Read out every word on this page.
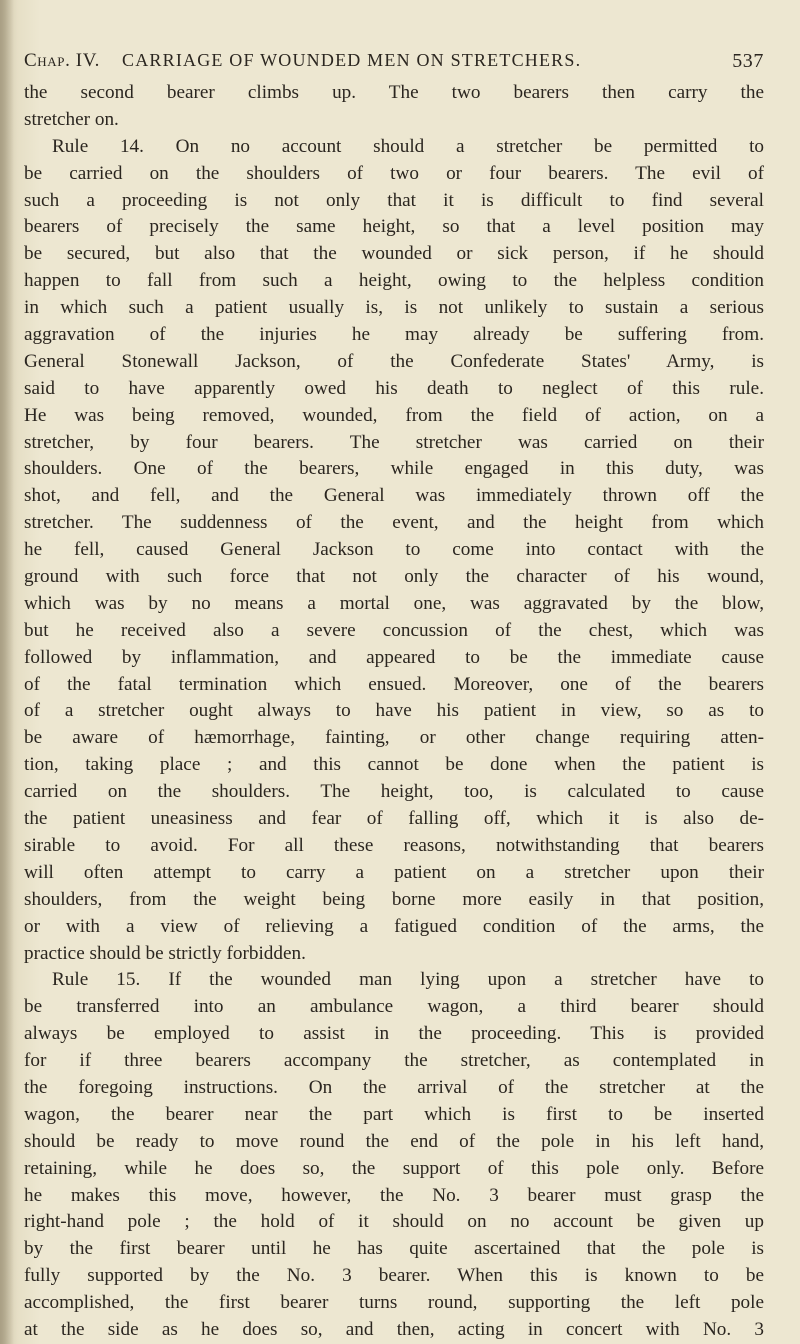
Chap. IV. CARRIAGE OF WOUNDED MEN ON STRETCHERS.	537
the second bearer climbs up. The two bearers then carry the
stretcher on.
Rule 14. On no account should a stretcher be permitted to
be carried on the shoulders of two or four bearers. The evil of
such a proceeding is not only that it is difficult to find several
bearers of precisely the same height, so that a level position may
be secured, but also that the wounded or sick person, if he should
happen to fall from such a height, owing to the helpless condition
in which such a patient usually is, is not unlikely to sustain a serious
aggravation of the injuries he may already be suffering from.
General Stonewall Jackson, of the Confederate States' Army, is
said to have apparently owed his death to neglect of this rule.
He was being removed, wounded, from the field of action, on a
stretcher, by four bearers. The stretcher was carried on their
shoulders. One of the bearers, while engaged in this duty, was
shot, and fell, and the General was immediately thrown off the
stretcher. The suddenness of the event, and the height from which
he fell, caused General Jackson to come into contact with the
ground with such force that not only the character of his wound,
which was by no means a mortal one, was aggravated by the blow,
but he received also a severe concussion of the chest, which was
followed by inflammation, and appeared to be the immediate cause
of the fatal termination which ensued. Moreover, one of the bearers
of a stretcher ought always to have his patient in view, so as to
be aware of hæmorrhage, fainting, or other change requiring atten-
tion, taking place ; and this cannot be done when the patient is
carried on the shoulders. The height, too, is calculated to cause
the patient uneasiness and fear of falling off, which it is also de-
sirable to avoid. For all these reasons, notwithstanding that bearers
will often attempt to carry a patient on a stretcher upon their
shoulders, from the weight being borne more easily in that position,
or with a view of relieving a fatigued condition of the arms, the
practice should be strictly forbidden.
Rule 15. If the wounded man lying upon a stretcher have to
be transferred into an ambulance wagon, a third bearer should
always be employed to assist in the proceeding. This is provided
for if three bearers accompany the stretcher, as contemplated in
the foregoing instructions. On the arrival of the stretcher at the
wagon, the bearer near the part which is first to be inserted
should be ready to move round the end of the pole in his left hand,
retaining, while he does so, the support of this pole only. Before
he makes this move, however, the No. 3 bearer must grasp the
right-hand pole ; the hold of it should on no account be given up
by the first bearer until he has quite ascertained that the pole is
fully supported by the No. 3 bearer. When this is known to be
accomplished, the first bearer turns round, supporting the left pole
at the side as he does so, and then, acting in concert with No. 3
